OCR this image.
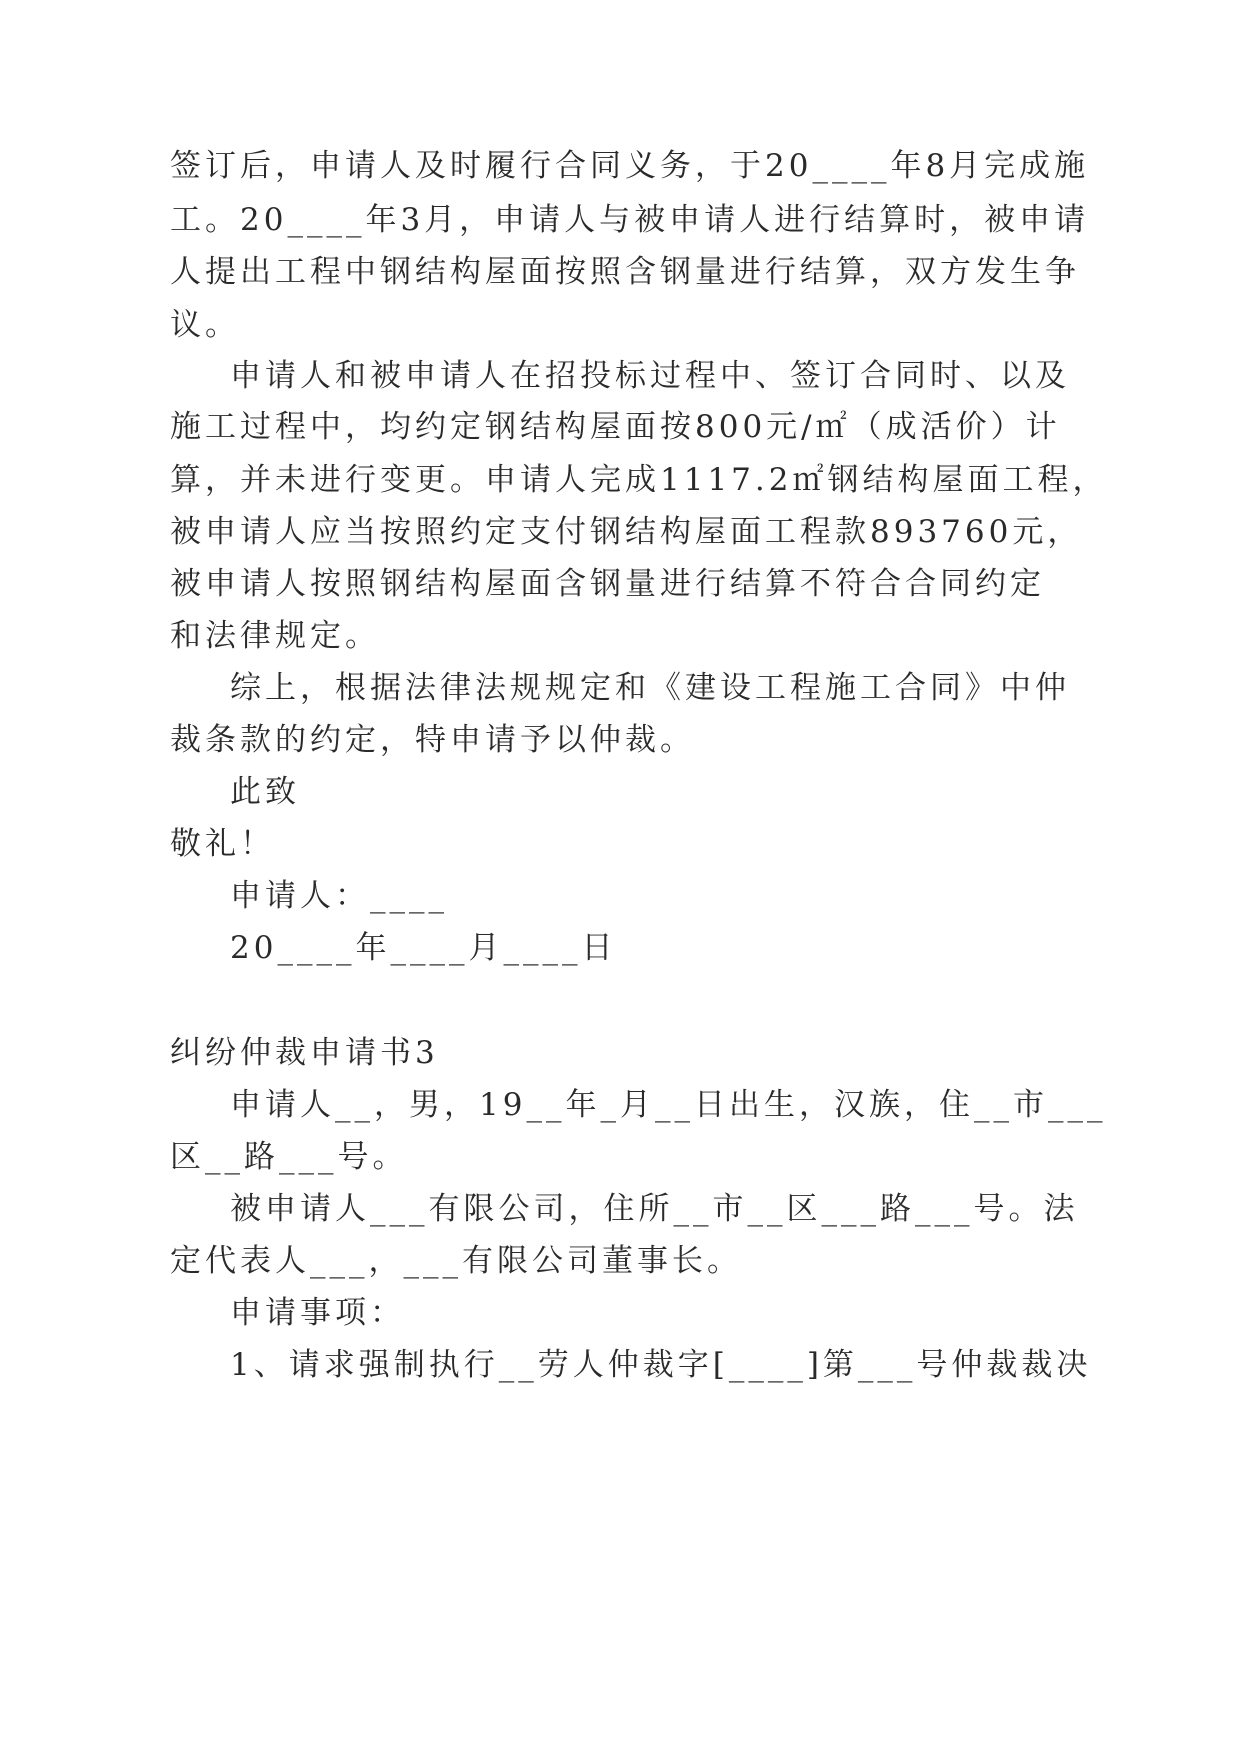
签订后，申请人及时履行合同义务，于20____年8月完成施
工。20____年3月，申请人与被申请人进行结算时，被申请
人提出工程中钢结构屋面按照含钢量进行结算，双方发生争
议。
申请人和被申请人在招投标过程中、签订合同时、以及
施工过程中，均约定钢结构屋面按800元/㎡（成活价）计
算，并未进行变更。申请人完成1117.2㎡钢结构屋面工程，
被申请人应当按照约定支付钢结构屋面工程款893760元，
被申请人按照钢结构屋面含钢量进行结算不符合合同约定
和法律规定。
综上，根据法律法规规定和《建设工程施工合同》中仲
裁条款的约定，特申请予以仲裁。
此致
敬礼！
申请人：____
20____年____月____日
纠纷仲裁申请书3
申请人__，男，19__年_月__日出生，汉族，住__市___
区__路___号。
被申请人___有限公司，住所__市__区___路___号。法
定代表人___，___有限公司董事长。
申请事项：
1、请求强制执行__劳人仲裁字[____]第___号仲裁裁决
